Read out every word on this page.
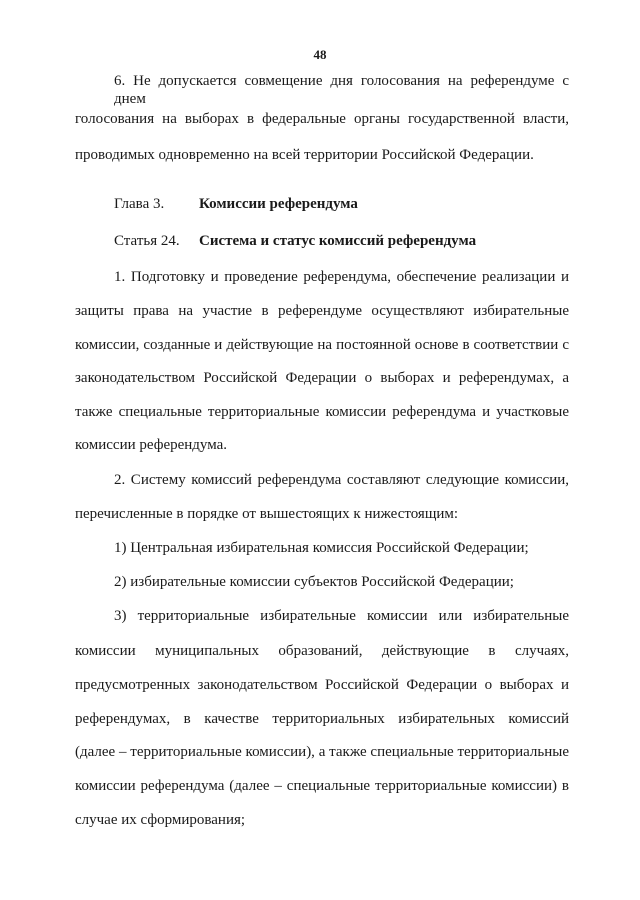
48
6. Не допускается совмещение дня голосования на референдуме с днем
голосования на выборах в федеральные органы государственной власти,
проводимых одновременно на всей территории Российской Федерации.
Глава 3. Комиссии референдума
Статья 24. Система и статус комиссий референдума
1. Подготовку и проведение референдума, обеспечение реализации и
защиты права на участие в референдуме осуществляют избирательные
комиссии, созданные и действующие на постоянной основе в соответствии с
законодательством Российской Федерации о выборах и референдумах, а
также специальные территориальные комиссии референдума и участковые
комиссии референдума.
2. Систему комиссий референдума составляют следующие комиссии,
перечисленные в порядке от вышестоящих к нижестоящим:
1) Центральная избирательная комиссия Российской Федерации;
2) избирательные комиссии субъектов Российской Федерации;
3) территориальные избирательные комиссии или избирательные
комиссии муниципальных образований, действующие в случаях,
предусмотренных законодательством Российской Федерации о выборах и
референдумах, в качестве территориальных избирательных комиссий
(далее – территориальные комиссии), а также специальные территориальные
комиссии референдума (далее – специальные территориальные комиссии) в
случае их сформирования;
